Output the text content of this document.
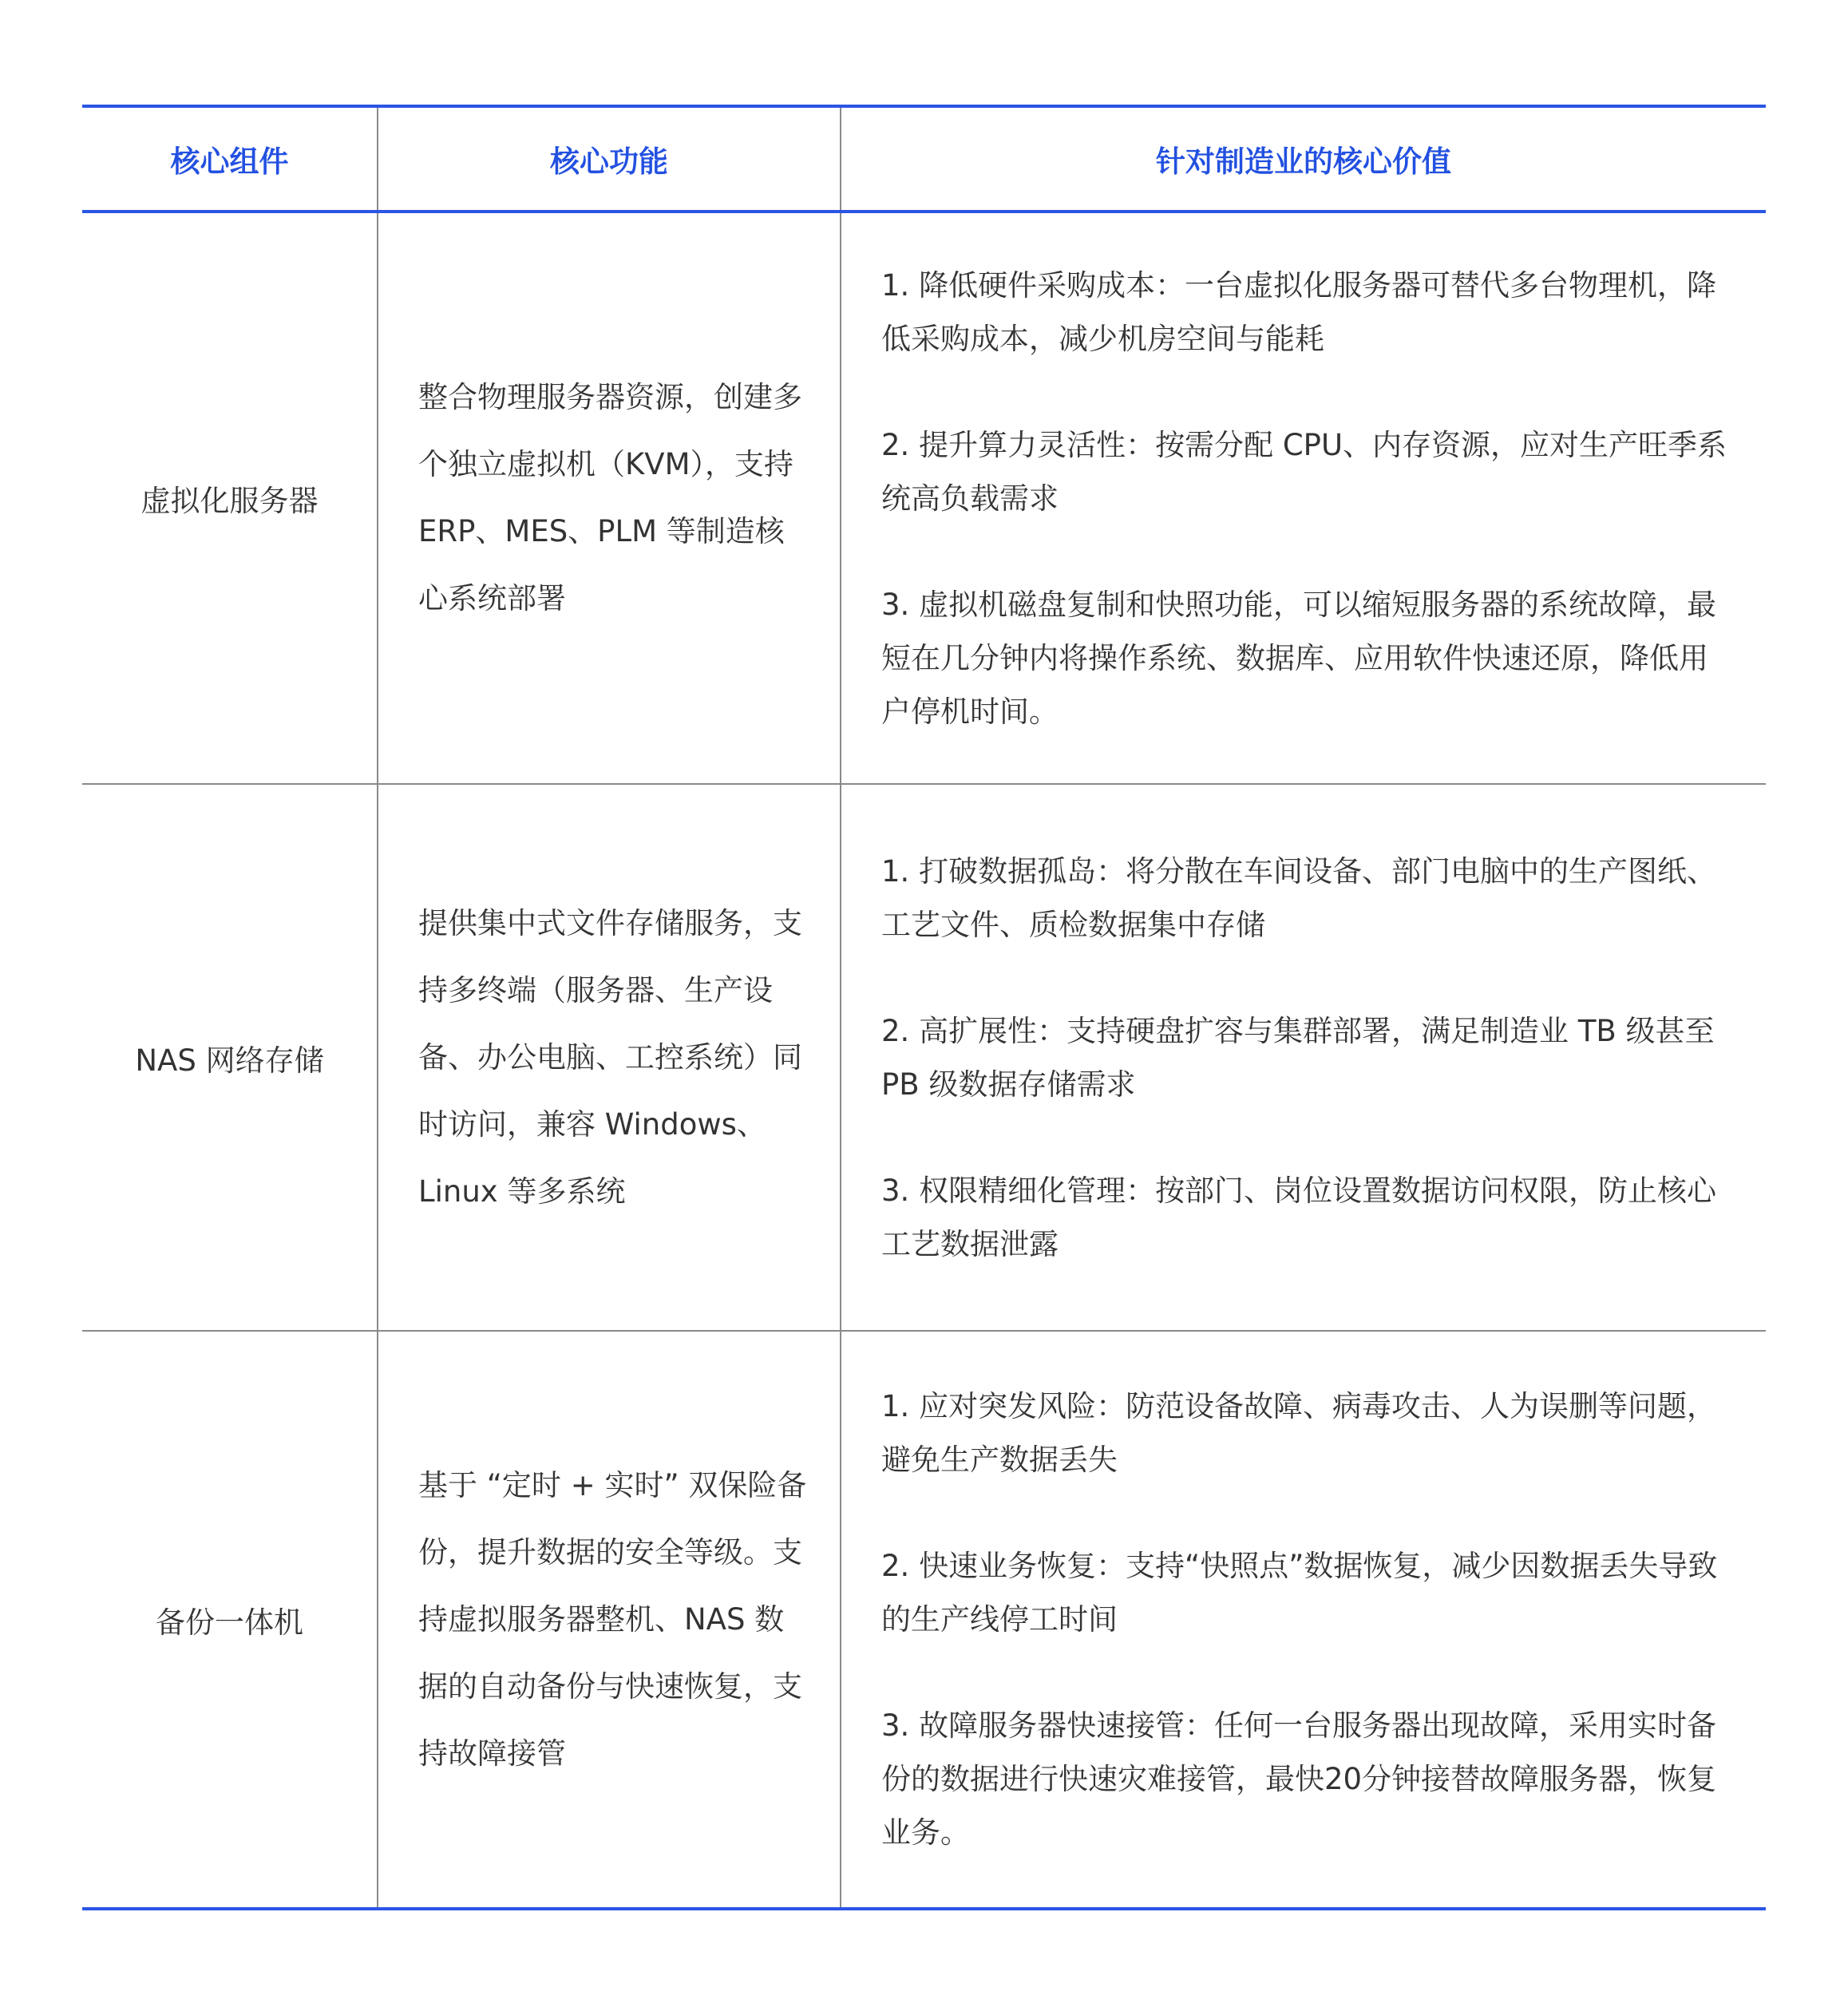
核心组件	核心功能	针对制造业的核心价值
虚拟化服务器	整合物理服务器资源，创建多个独立虚拟机（KVM），支持 ERP、MES、PLM 等制造核心系统部署	1. 降低硬件采购成本：一台虚拟化服务器可替代多台物理机，降低采购成本，减少机房空间与能耗

2. 提升算力灵活性：按需分配 CPU、内存资源，应对生产旺季系统高负载需求

3. 虚拟机磁盘复制和快照功能，可以缩短服务器的系统故障，最短在几分钟内将操作系统、数据库、应用软件快速还原，降低用户停机时间。

NAS 网络存储	提供集中式文件存储服务，支持多终端（服务器、生产设备、办公电脑、工控系统）同时访问，兼容 Windows、Linux 等多系统	1. 打破数据孤岛：将分散在车间设备、部门电脑中的生产图纸、工艺文件、质检数据集中存储

2. 高扩展性：支持硬盘扩容与集群部署，满足制造业 TB 级甚至 PB 级数据存储需求

3. 权限精细化管理：按部门、岗位设置数据访问权限，防止核心工艺数据泄露

备份一体机	基于 “定时 + 实时” 双保险备份，提升数据的安全等级。支持虚拟服务器整机、NAS 数据的自动备份与快速恢复，支持故障接管	1. 应对突发风险：防范设备故障、病毒攻击、人为误删等问题，避免生产数据丢失

2. 快速业务恢复：支持“快照点”数据恢复，减少因数据丢失导致的生产线停工时间

3. 故障服务器快速接管：任何一台服务器出现故障，采用实时备份的数据进行快速灾难接管，最快20分钟接替故障服务器，恢复业务。
